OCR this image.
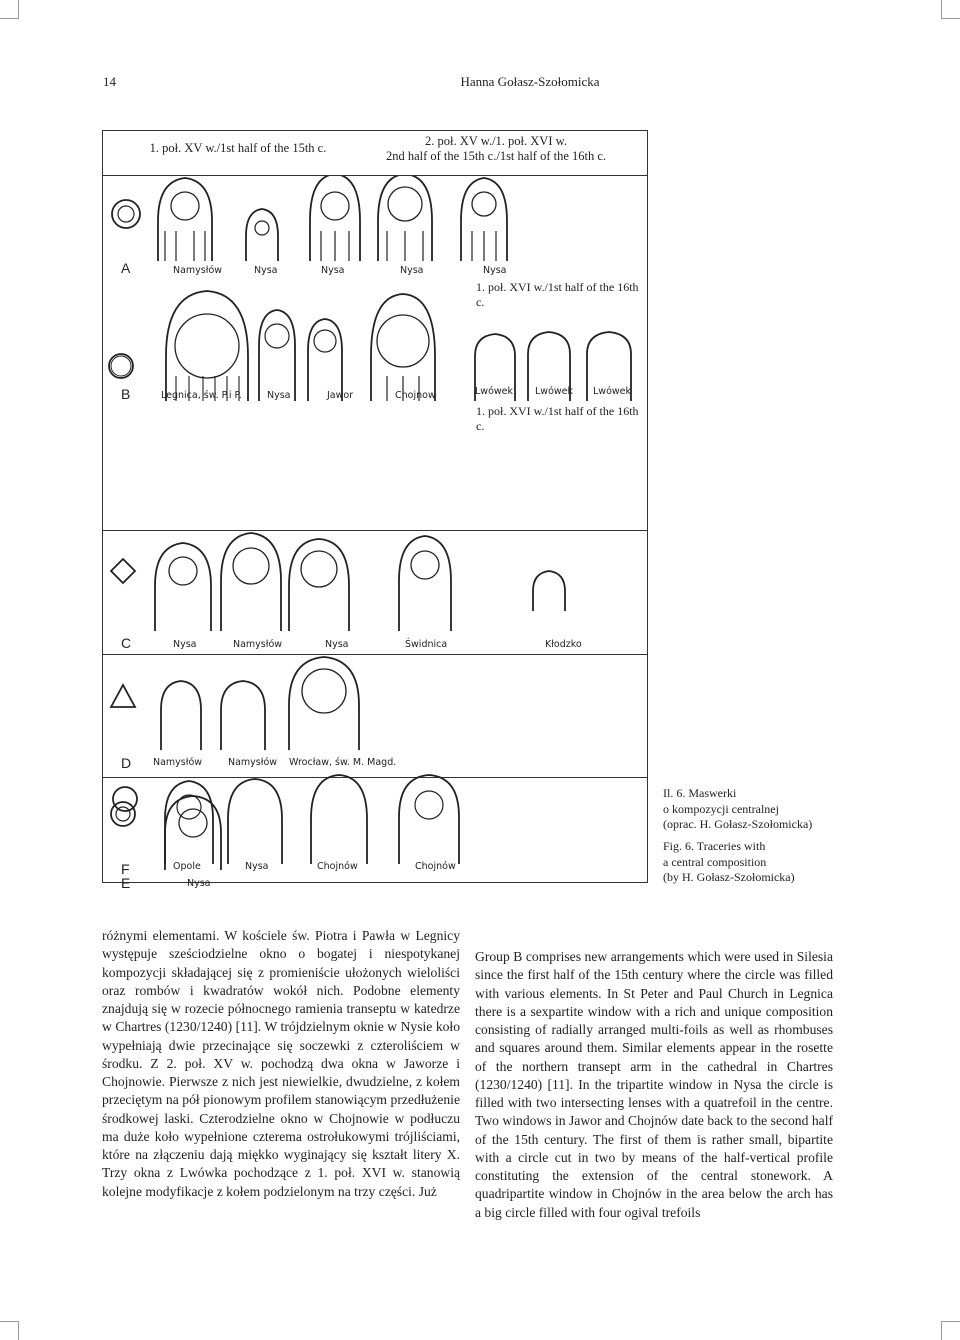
14	Hanna Gołasz-Szołomicka
1. poł. XV w./1st half of the 15th c.	2. poł. XV w./1. poł. XVI w.
2nd half of the 15th c./1st half of the 16th c.
A	Namysłów	Nysa	Nysa	Nysa	Nysa
1. poł. XVI w./1st half of the 16th c.
B	Legnica, św. P.i P.	Nysa	Jawor	Chojnow	Lwówek Lwówek Lwówek
1. poł. XVI w./1st half of the 16th c.
C	Nysa	Namysłów	Nysa	Świdnica	Kłodzko
D Namysłów	Namysłów Wrocław, św. M. Magd.
E	Nysa
F	Opole	Nysa	Chojnów	Chojnów
Il. 6. Maswerki
o kompozycji centralnej
(oprac. H. Gołasz-Szołomicka)
Fig. 6. Traceries with
a central composition
(by H. Gołasz-Szołomicka)

różnymi elementami. W kościele św. Piotra i Pawła w Legnicy występuje sześciodzielne okno o bogatej i niespotykanej kompozycji składającej się z promieniście ułożonych wieloliści oraz rombów i kwadratów wokół nich. Podobne elementy znajdują się w rozecie północnego ramienia transeptu w katedrze w Chartres (1230/1240) [11]. W trójdzielnym oknie w Nysie koło wypełniają dwie przecinające się soczewki z czteroliściem w środku. Z 2. poł. XV w. pochodzą dwa okna w Jaworze i Chojnowie. Pierwsze z nich jest niewielkie, dwudzielne, z kołem przeciętym na pół pionowym profilem stanowiącym przedłużenie środkowej laski. Czterodzielne okno w Chojnowie w podłuczu ma duże koło wypełnione czterema ostrołukowymi trójliściami, które na złączeniu dają miękko wyginający się kształt litery X. Trzy okna z Lwówka pochodzące z 1. poł. XVI w. stanowią kolejne modyfikacje z kołem podzielonym na trzy części. Już

Group B comprises new arrangements which were used in Silesia since the first half of the 15th century where the circle was filled with various elements. In St Peter and Paul Church in Legnica there is a sexpartite window with a rich and unique composition consisting of radially arranged multi-foils as well as rhombuses and squares around them. Similar elements appear in the rosette of the northern transept arm in the cathedral in Chartres (1230/1240) [11]. In the tripartite window in Nysa the circle is filled with two intersecting lenses with a quatrefoil in the centre. Two windows in Jawor and Chojnów date back to the second half of the 15th century. The first of them is rather small, bipartite with a circle cut in two by means of the half-vertical profile constituting the extension of the central stonework. A quadripartite window in Chojnów in the area below the arch has a big circle filled with four ogival trefoils
